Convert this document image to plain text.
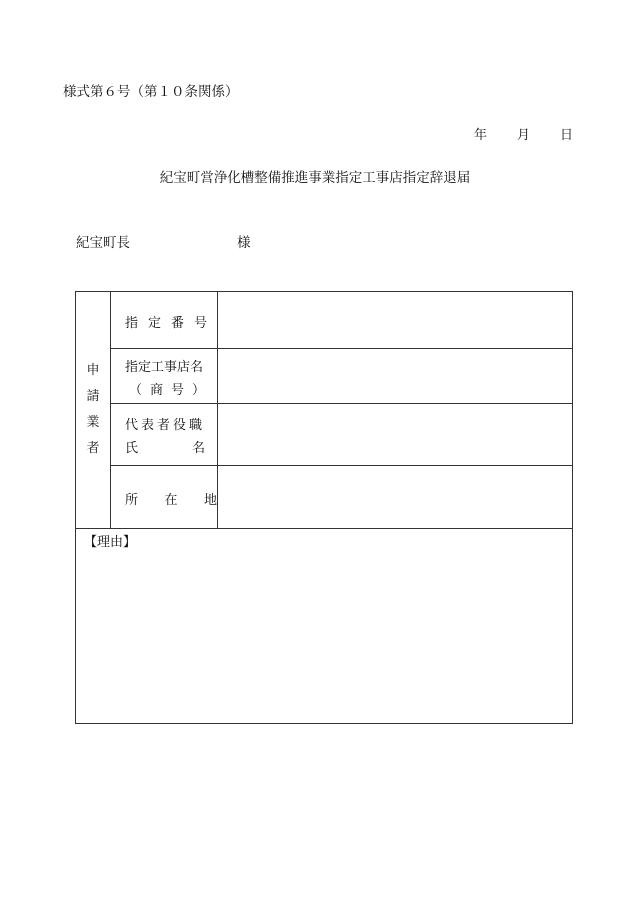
様式第６号（第１０条関係）
年 月 日
紀宝町営浄化槽整備推進事業指定工事店指定辞退届
紀宝町長	様
申
請
業
者
指定番号
指定工事店名
（商号）
代表者役職
氏	名
所 在 地
【理由】
